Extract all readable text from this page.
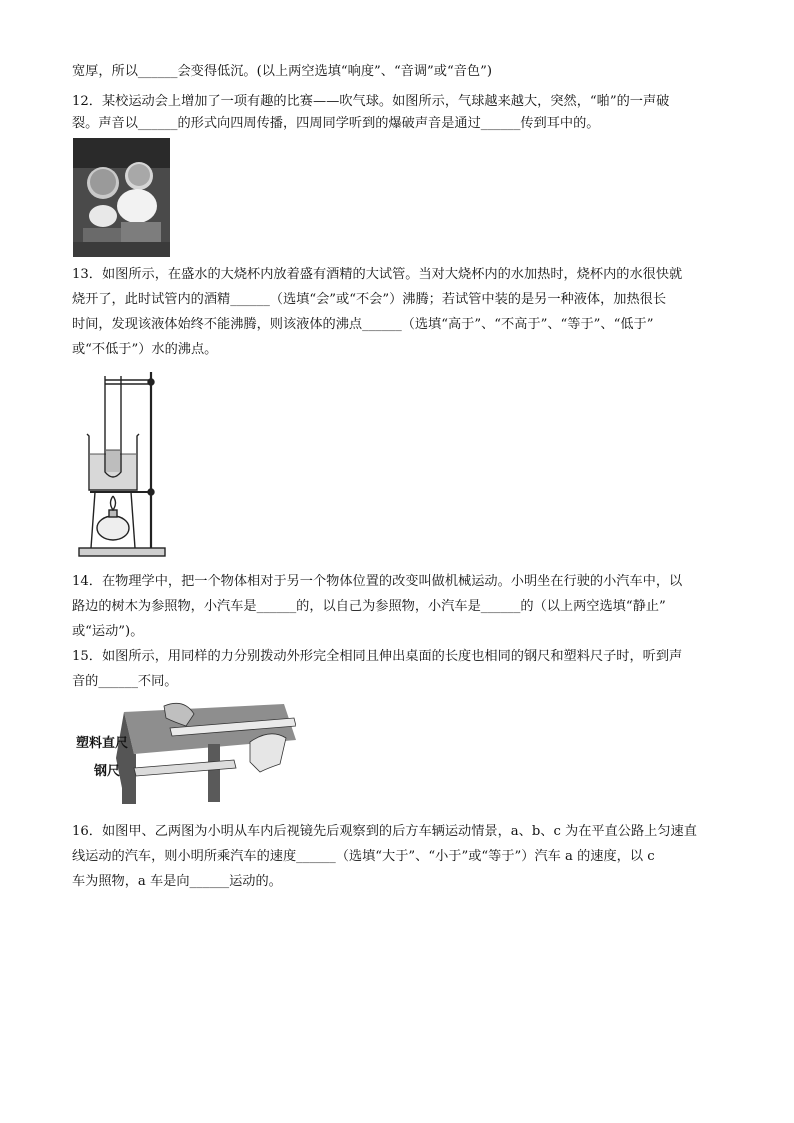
宽厚，所以______会变得低沉。(以上两空选填“响度”、“音调”或“音色”)
12．某校运动会上增加了一项有趣的比赛——吹气球。如图所示，气球越来越大，突然，“啪”的一声破
裂。声音以______的形式向四周传播，四周同学听到的爆破声音是通过______传到耳中的。
13．如图所示，在盛水的大烧杯内放着盛有酒精的大试管。当对大烧杯内的水加热时，烧杯内的水很快就
烧开了，此时试管内的酒精______（选填“会”或“不会”）沸腾；若试管中装的是另一种液体，加热很长
时间，发现该液体始终不能沸腾，则该液体的沸点______（选填“高于”、“不高于”、“等于”、“低于”
或“不低于”）水的沸点。
14．在物理学中，把一个物体相对于另一个物体位置的改变叫做机械运动。小明坐在行驶的小汽车中，以
路边的树木为参照物，小汽车是______的，以自己为参照物，小汽车是______的（以上两空选填“静止”
或“运动”)。
15．如图所示，用同样的力分别拨动外形完全相同且伸出桌面的长度也相同的钢尺和塑料尺子时，听到声
音的______不同。
塑料直尺
钢尺
16．如图甲、乙两图为小明从车内后视镜先后观察到的后方车辆运动情景，a、b、c 为在平直公路上匀速直
线运动的汽车，则小明所乘汽车的速度______（选填“大于”、“小于”或“等于”）汽车 a 的速度，以 c
车为照物，a 车是向______运动的。
